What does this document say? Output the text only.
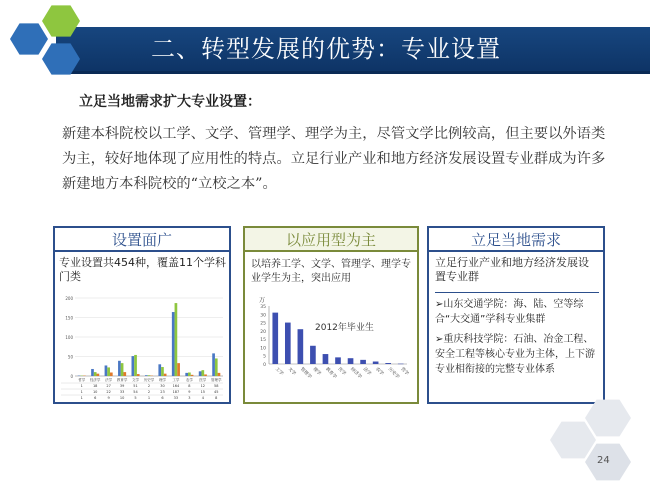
二、转型发展的优势：专业设置
立足当地需求扩大专业设置：
新建本科院校以工学、文学、管理学、理学为主，尽管文学比例较高，但主要以外语类为主，较好地体现了应用性的特点。立足行业产业和地方经济发展设置专业群成为许多新建地方本科院校的“立校之本”。
设置面广
专业设置共454种，覆盖11个学科门类
200
150
100
50
0
哲学 经济学 法学 教育学 文学 历史学 理学 工学 农学 医学 管理学
1	18	27	39	51	2	30 164	8	12	58
1	10	22	33	54	2	23 187	9	15	45
1	6	9	10	5	1	6	33	3	4	8
以应用型为主
以培养工学、文学、管理学、理学专业学生为主，突出应用
万
35
30
25
20
15
10
5
0
2012年毕业生
工学 文学 管理学 理学 教育学 医学 经济学 法学 农学 历史学 哲学
立足当地需求
立足行业产业和地方经济发展设置专业群
➢山东交通学院：海、陆、空等综合“大交通”学科专业集群
➢重庆科技学院：石油、冶金工程、安全工程等核心专业为主体，上下游专业相衔接的完整专业体系
24
